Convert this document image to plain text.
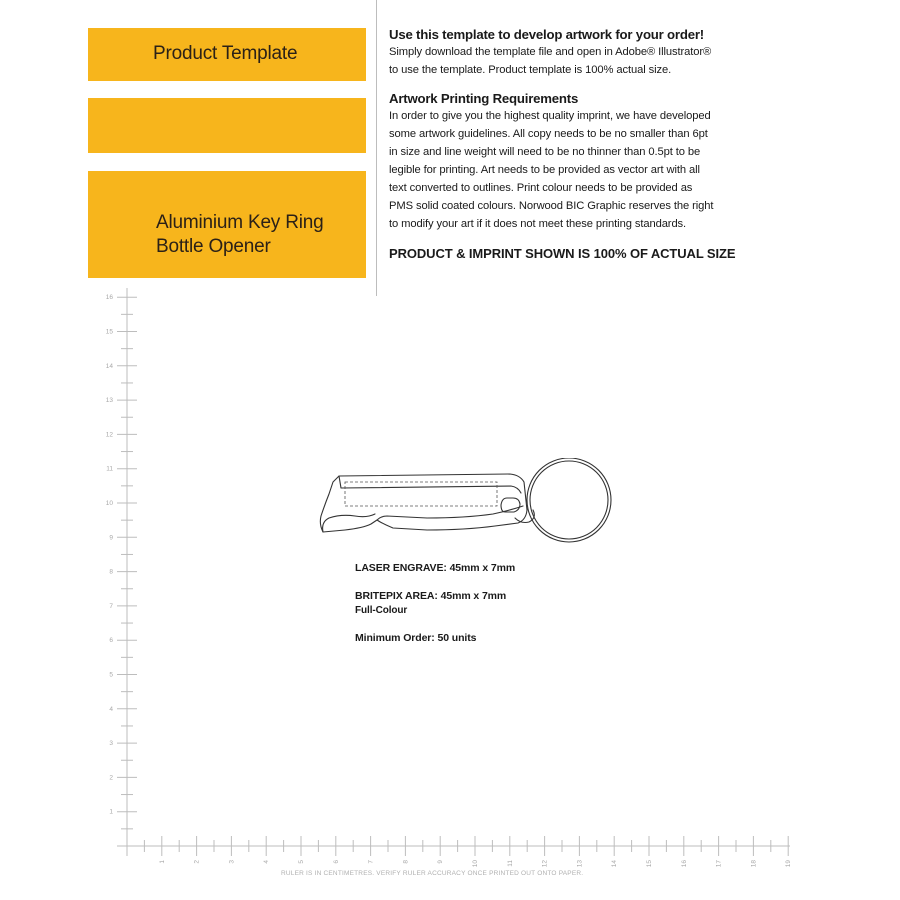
Product Template
Aluminium Key Ring
Bottle Opener
Use this template to develop artwork for your order!

Simply download the template file and open in Adobe® Illustrator®

to use the template. Product template is 100% actual size.

Artwork Printing Requirements

In order to give you the highest quality imprint, we have developed

some artwork guidelines. All copy needs to be no smaller than 6pt

in size and line weight will need to be no thinner than 0.5pt to be

legible for printing. Art needs to be provided as vector art with all

text converted to outlines. Print colour needs to be provided as

PMS solid coated colours. Norwood BIC Graphic reserves the right

to modify your art if it does not meet these printing standards.

PRODUCT & IMPRINT SHOWN IS 100% OF ACTUAL SIZE
1
2
3
4
5
6
7
8
9
10
11
12
13
14
15
16
1	2	3	4	5	6	7	8	9	10	11	12	13	14	15	16	17	18	19
RULER IS IN CENTIMETRES. VERIFY RULER ACCURACY ONCE PRINTED OUT ONTO PAPER.
LASER ENGRAVE: 45mm x 7mm
BRITEPIX AREA: 45mm x 7mm
Full-Colour
Minimum Order: 50 units
